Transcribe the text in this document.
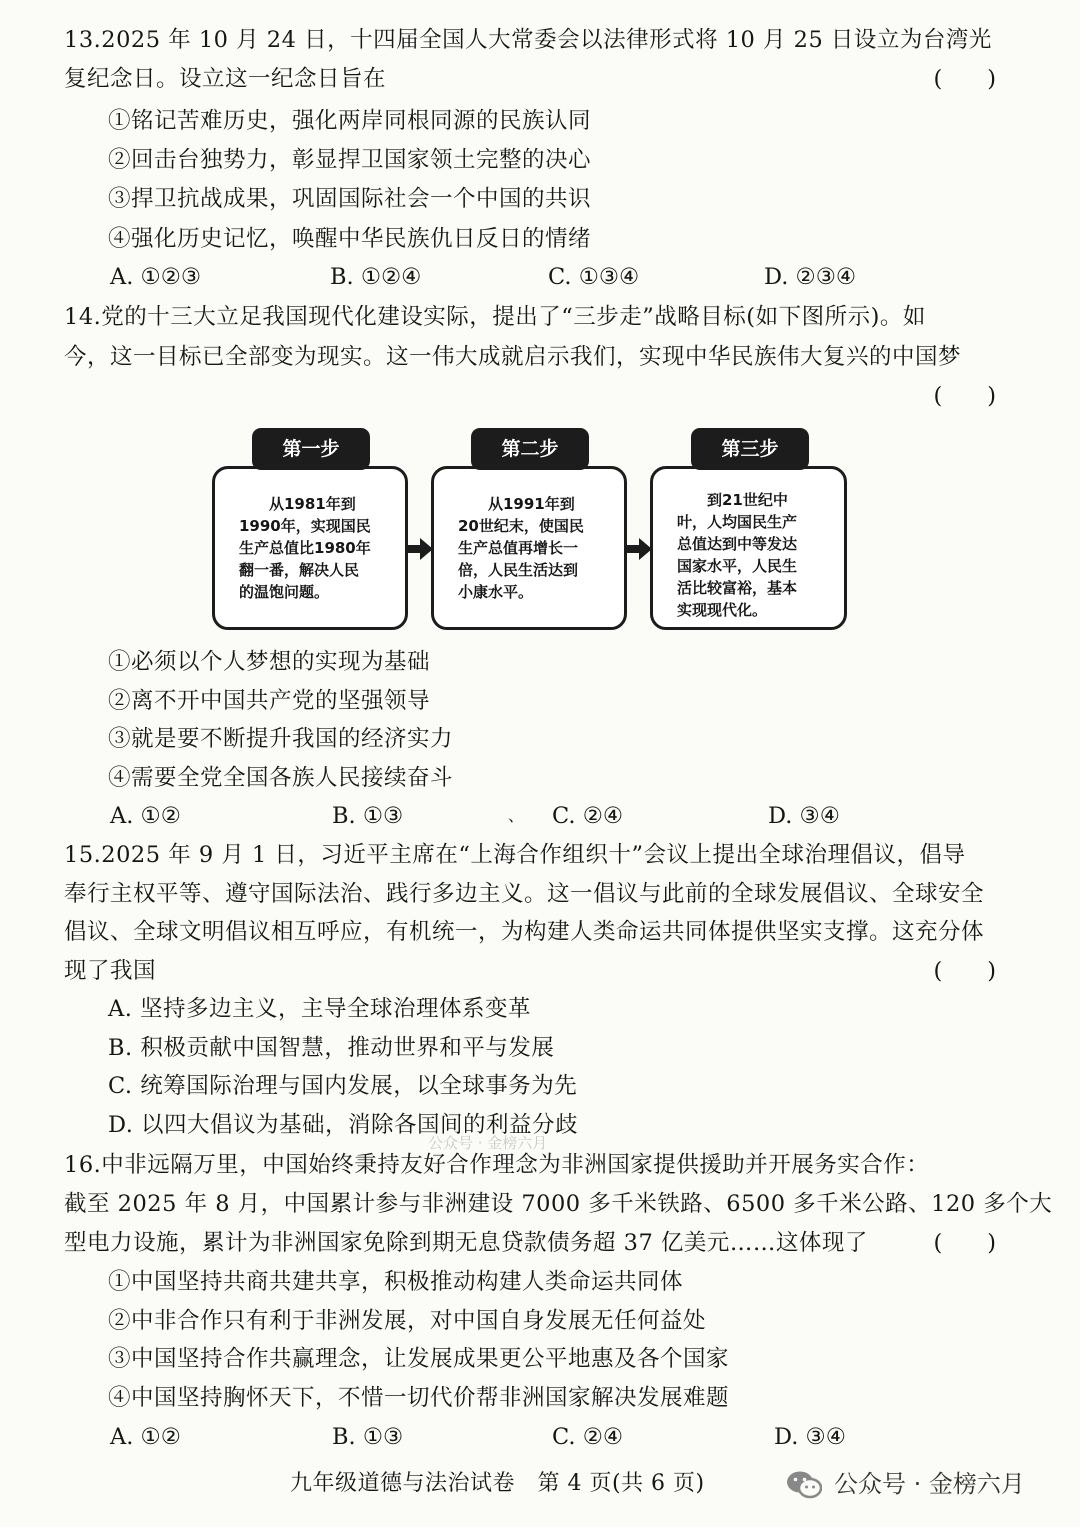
13.2025 年 10 月 24 日，十四届全国人大常委会以法律形式将 10 月 25 日设立为台湾光
复纪念日。设立这一纪念日旨在	(　　)
①铭记苦难历史，强化两岸同根同源的民族认同
②回击台独势力，彰显捍卫国家领土完整的决心
③捍卫抗战成果，巩固国际社会一个中国的共识
④强化历史记忆，唤醒中华民族仇日反日的情绪
A. ①②③	B. ①②④	C. ①③④	D. ②③④
14.党的十三大立足我国现代化建设实际，提出了“三步走”战略目标(如下图所示)。如
今，这一目标已全部变为现实。这一伟大成就启示我们，实现中华民族伟大复兴的中国梦
(　　)
第一步
　　从1981年到
1990年，实现国民
生产总值比1980年
翻一番，解决人民
的温饱问题。
第二步
　　从1991年到
20世纪末，使国民
生产总值再增长一
倍，人民生活达到
小康水平。
第三步
　　到21世纪中
叶，人均国民生产
总值达到中等发达
国家水平，人民生
活比较富裕，基本
实现现代化。
①必须以个人梦想的实现为基础
②离不开中国共产党的坚强领导
③就是要不断提升我国的经济实力
④需要全党全国各族人民接续奋斗
A. ①②	B. ①③	、 C. ②④	D. ③④
15.2025 年 9 月 1 日，习近平主席在“上海合作组织十”会议上提出全球治理倡议，倡导
奉行主权平等、遵守国际法治、践行多边主义。这一倡议与此前的全球发展倡议、全球安全
倡议、全球文明倡议相互呼应，有机统一，为构建人类命运共同体提供坚实支撑。这充分体
现了我国	(　　)
A. 坚持多边主义，主导全球治理体系变革
B. 积极贡献中国智慧，推动世界和平与发展
C. 统筹国际治理与国内发展，以全球事务为先
D. 以四大倡议为基础，消除各国间的利益分歧
公众号 · 金榜六月
16.中非远隔万里，中国始终秉持友好合作理念为非洲国家提供援助并开展务实合作：
截至 2025 年 8 月，中国累计参与非洲建设 7000 多千米铁路、6500 多千米公路、120 多个大
型电力设施，累计为非洲国家免除到期无息贷款债务超 37 亿美元……这体现了	(　　)
①中国坚持共商共建共享，积极推动构建人类命运共同体
②中非合作只有利于非洲发展，对中国自身发展无任何益处
③中国坚持合作共赢理念，让发展成果更公平地惠及各个国家
④中国坚持胸怀天下，不惜一切代价帮非洲国家解决发展难题
A. ①②	B. ①③	C. ②④	D. ③④
九年级道德与法治试卷　第 4 页(共 6 页)	公众号 · 金榜六月
